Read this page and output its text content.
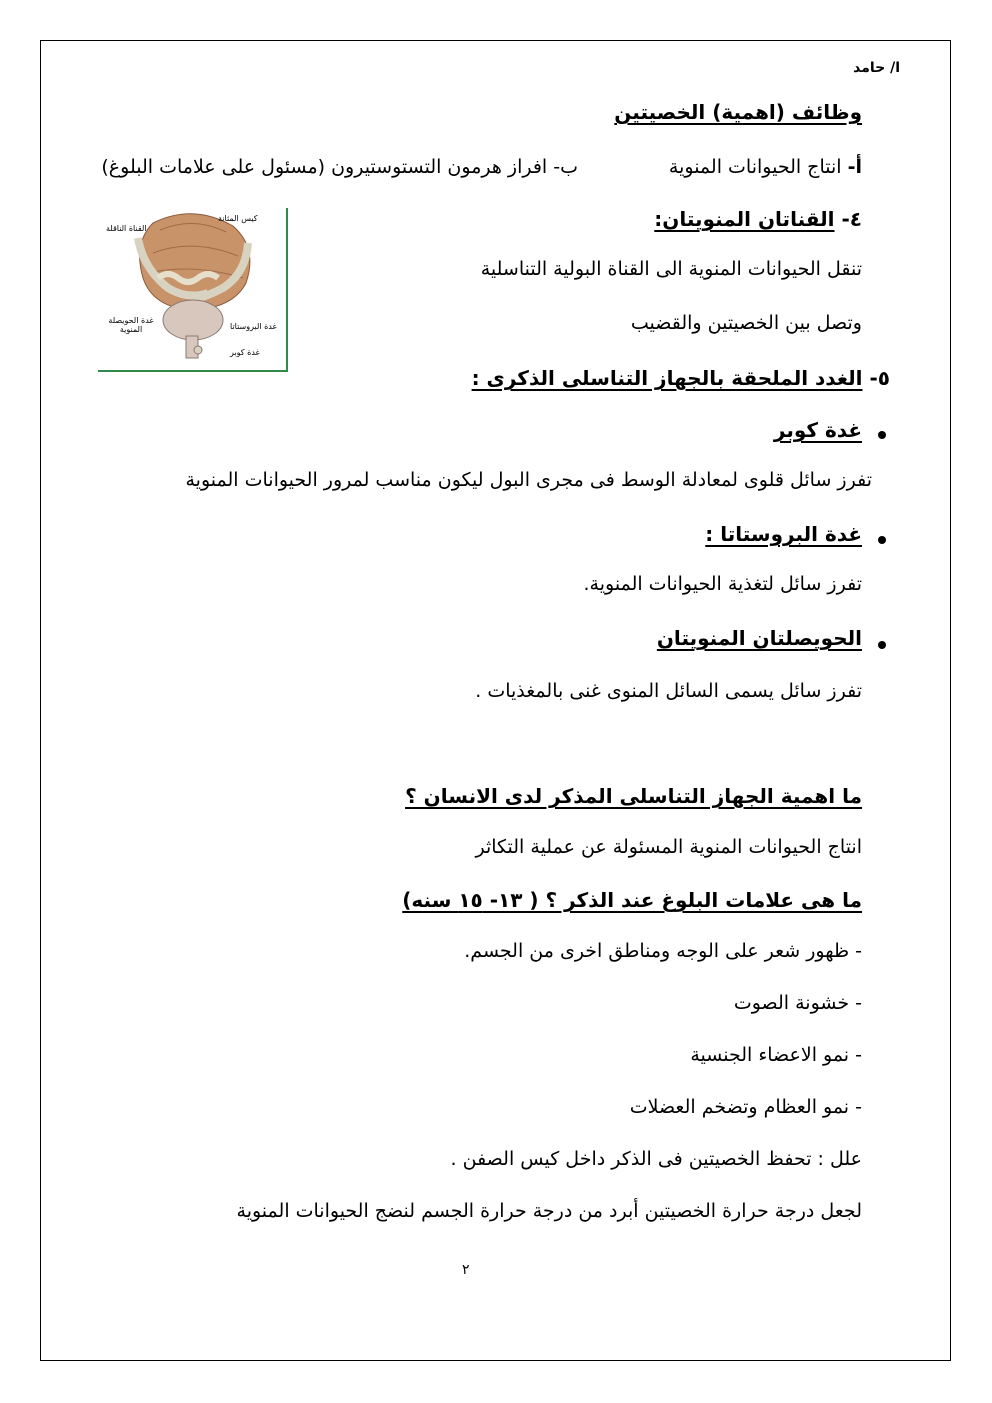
ا/ حامد
وظائف (اهمية) الخصيتين
أ- انتاج الحيوانات المنوية
ب- افراز هرمون التستوستيرون (مسئول على علامات البلوغ)
٤- القناتان المنويتان:
تنقل الحيوانات المنوية الى القناة البولية التناسلية
وتصل بين الخصيتين والقضيب
كيس المثانة
القناة الناقلة
غدة الحويصلة المنوية	غدة البروستاتا
غدة كوبر
٥- الغدد الملحقة بالجهاز التناسلى الذكرى :
غدة كوبر
تفرز سائل قلوى لمعادلة الوسط فى مجرى البول ليكون مناسب لمرور الحيوانات المنوية
غدة البروستاتا :
تفرز سائل لتغذية الحيوانات المنوية.
الحويصلتان المنويتان
تفرز سائل يسمى السائل المنوى غنى بالمغذيات .
ما اهمية الجهاز التناسلى المذكر لدى الانسان ؟
انتاج الحيوانات المنوية المسئولة عن عملية التكاثر
ما هى علامات البلوغ عند الذكر ؟ ( ١٣- ١٥ سنه)
- ظهور شعر على الوجه ومناطق اخرى من الجسم.
- خشونة الصوت
- نمو الاعضاء الجنسية
- نمو العظام وتضخم العضلات
علل : تحفظ الخصيتين فى الذكر داخل كيس الصفن .
لجعل درجة حرارة الخصيتين أبرد من درجة حرارة الجسم لنضج الحيوانات المنوية
٢
